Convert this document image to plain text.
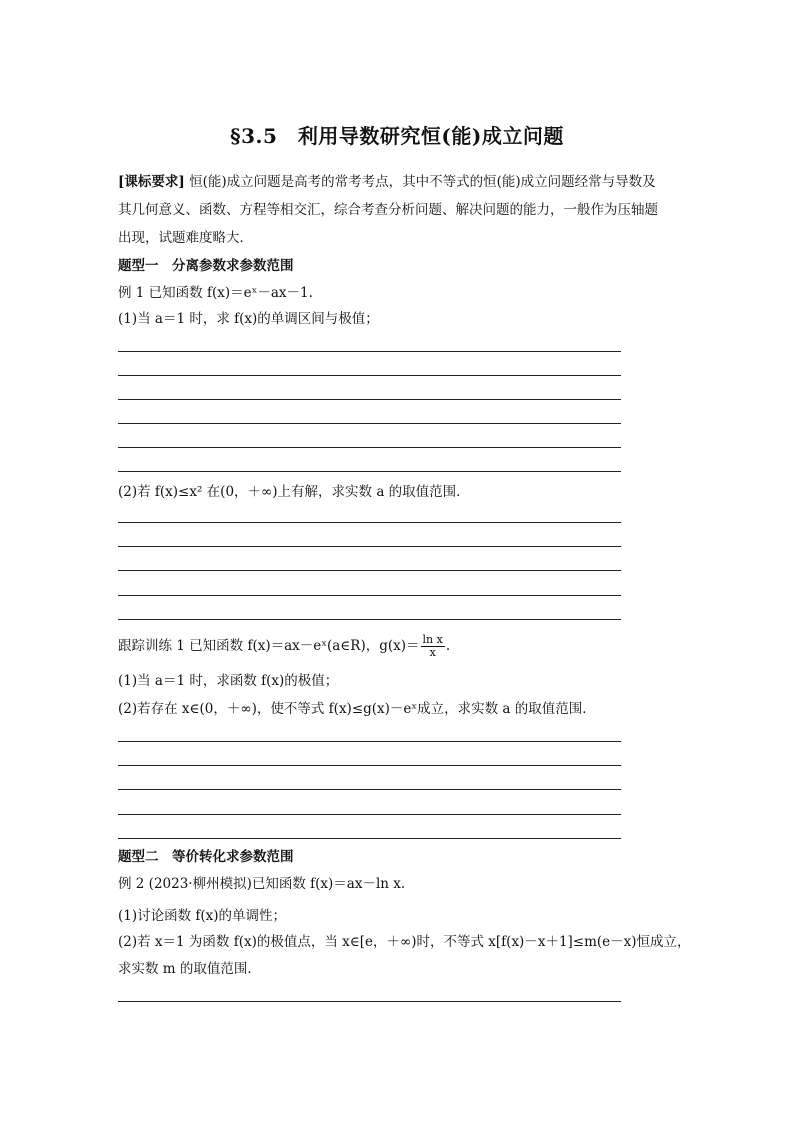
§3.5　利用导数研究恒(能)成立问题
[课标要求] 恒(能)成立问题是高考的常考考点，其中不等式的恒(能)成立问题经常与导数及
其几何意义、函数、方程等相交汇，综合考查分析问题、解决问题的能力，一般作为压轴题
出现，试题难度略大．
题型一　分离参数求参数范围
例 1 已知函数 f(x)＝eˣ－ax－1.
(1)当 a＝1 时，求 f(x)的单调区间与极值；
(2)若 f(x)≤x² 在(0，＋∞)上有解，求实数 a 的取值范围．
跟踪训练 1 已知函数 f(x)＝ax－eˣ(a∈R)，$g(x)= \frac{\text{ln x}}{x}$ .
(1)当 a＝1 时，求函数 f(x)的极值；
(2)若存在 x∈(0，＋∞)，使不等式 f(x)≤g(x)－eˣ成立，求实数 a 的取值范围．
题型二　等价转化求参数范围
例 2 (2023·柳州模拟)已知函数 f(x)＝ax－ln x.
(1)讨论函数 f(x)的单调性；
(2)若 x＝1 为函数 f(x)的极值点，当 x∈[e，＋∞)时，不等式 x[f(x)－x＋1]≤m(e－x)恒成立，
求实数 m 的取值范围．
